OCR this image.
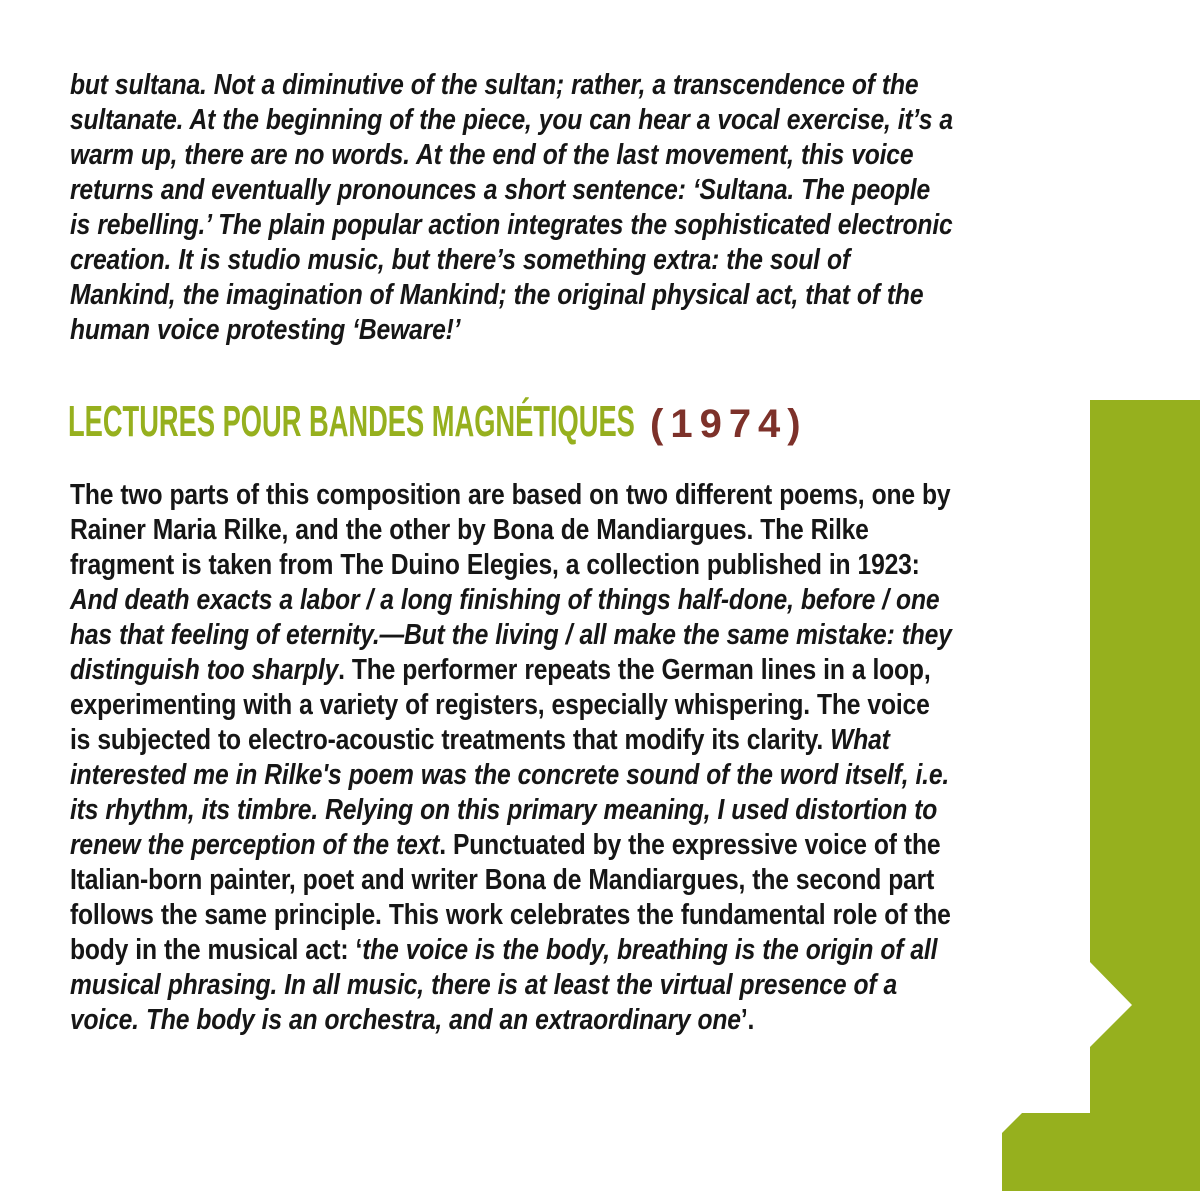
but sultana. Not a diminutive of the sultan; rather, a transcendence of the sultanate. At the beginning of the piece, you can hear a vocal exercise, it’s a warm up, there are no words. At the end of the last movement, this voice returns and eventually pronounces a short sentence: ‘Sultana. The people is rebelling.’ The plain popular action integrates the sophisticated electronic creation. It is studio music, but there’s something extra: the soul of Mankind, the imagination of Mankind; the original physical act, that of the human voice protesting ‘Beware!’

LECTURES POUR BANDES MAGNÉTIQUES (1974)

The two parts of this composition are based on two different poems, one by Rainer Maria Rilke, and the other by Bona de Mandiargues. The Rilke fragment is taken from The Duino Elegies, a collection published in 1923: And death exacts a labor / a long finishing of things half-done, before / one has that feeling of eternity.—But the living / all make the same mistake: they distinguish too sharply. The performer repeats the German lines in a loop, experimenting with a variety of registers, especially whispering. The voice is subjected to electro-acoustic treatments that modify its clarity. What interested me in Rilke's poem was the concrete sound of the word itself, i.e. its rhythm, its timbre. Relying on this primary meaning, I used distortion to renew the perception of the text. Punctuated by the expressive voice of the Italian-born painter, poet and writer Bona de Mandiargues, the second part follows the same principle. This work celebrates the fundamental role of the body in the musical act: ‘the voice is the body, breathing is the origin of all musical phrasing. In all music, there is at least the virtual presence of a voice. The body is an orchestra, and an extraordinary one’.
